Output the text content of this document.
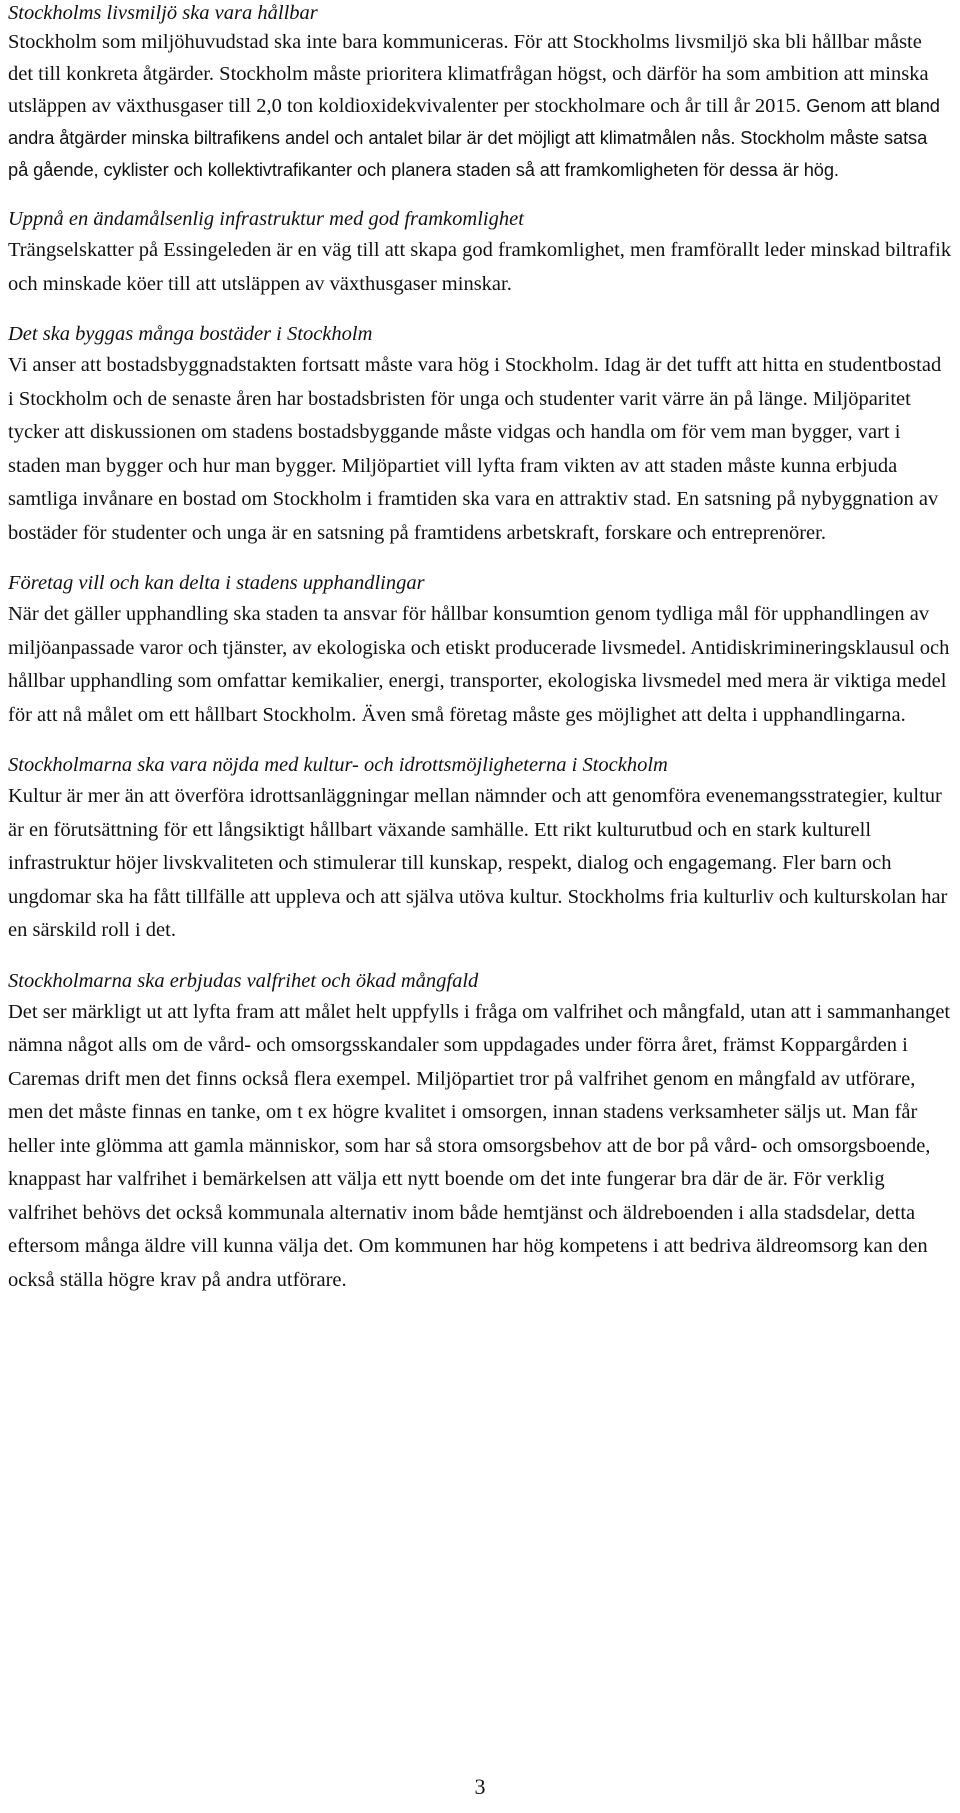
Stockholms livsmiljö ska vara hållbar
Stockholm som miljöhuvudstad ska inte bara kommuniceras. För att Stockholms livsmiljö ska bli hållbar måste det till konkreta åtgärder. Stockholm måste prioritera klimatfrågan högst, och därför ha som ambition att minska utsläppen av växthusgaser till 2,0 ton koldioxidekvivalenter per stockholmare och år till år 2015. Genom att bland andra åtgärder minska biltrafikens andel och antalet bilar är det möjligt att klimatmålen nås. Stockholm måste satsa på gående, cyklister och kollektivtrafikanter och planera staden så att framkomligheten för dessa är hög.
Uppnå en ändamålsenlig infrastruktur med god framkomlighet
Trängselskatter på Essingeleden är en väg till att skapa god framkomlighet, men framförallt leder minskad biltrafik och minskade köer till att utsläppen av växthusgaser minskar.
Det ska byggas många bostäder i Stockholm
Vi anser att bostadsbyggnadstakten fortsatt måste vara hög i Stockholm. Idag är det tufft att hitta en studentbostad i Stockholm och de senaste åren har bostadsbristen för unga och studenter varit värre än på länge. Miljöparitet tycker att diskussionen om stadens bostadsbyggande måste vidgas och handla om för vem man bygger, vart i staden man bygger och hur man bygger. Miljöpartiet vill lyfta fram vikten av att staden måste kunna erbjuda samtliga invånare en bostad om Stockholm i framtiden ska vara en attraktiv stad. En satsning på nybyggnation av bostäder för studenter och unga är en satsning på framtidens arbetskraft, forskare och entreprenörer.
Företag vill och kan delta i stadens upphandlingar
När det gäller upphandling ska staden ta ansvar för hållbar konsumtion genom tydliga mål för upphandlingen av miljöanpassade varor och tjänster, av ekologiska och etiskt producerade livsmedel. Antidiskrimineringsklausul och hållbar upphandling som omfattar kemikalier, energi, transporter, ekologiska livsmedel med mera är viktiga medel för att nå målet om ett hållbart Stockholm. Även små företag måste ges möjlighet att delta i upphandlingarna.
Stockholmarna ska vara nöjda med kultur- och idrottsmöjligheterna i Stockholm
Kultur är mer än att överföra idrottsanläggningar mellan nämnder och att genomföra evenemangsstrategier, kultur är en förutsättning för ett långsiktigt hållbart växande samhälle. Ett rikt kulturutbud och en stark kulturell infrastruktur höjer livskvaliteten och stimulerar till kunskap, respekt, dialog och engagemang. Fler barn och ungdomar ska ha fått tillfälle att uppleva och att själva utöva kultur. Stockholms fria kulturliv och kulturskolan har en särskild roll i det.
Stockholmarna ska erbjudas valfrihet och ökad mångfald
Det ser märkligt ut att lyfta fram att målet helt uppfylls i fråga om valfrihet och mångfald, utan att i sammanhanget nämna något alls om de vård- och omsorgsskandaler som uppdagades under förra året, främst Koppargården i Caremas drift men det finns också flera exempel. Miljöpartiet tror på valfrihet genom en mångfald av utförare, men det måste finnas en tanke, om t ex högre kvalitet i omsorgen, innan stadens verksamheter säljs ut. Man får heller inte glömma att gamla människor, som har så stora omsorgsbehov att de bor på vård- och omsorgsboende, knappast har valfrihet i bemärkelsen att välja ett nytt boende om det inte fungerar bra där de är. För verklig valfrihet behövs det också kommunala alternativ inom både hemtjänst och äldreboenden i alla stadsdelar, detta eftersom många äldre vill kunna välja det. Om kommunen har hög kompetens i att bedriva äldreomsorg kan den också ställa högre krav på andra utförare.
3
